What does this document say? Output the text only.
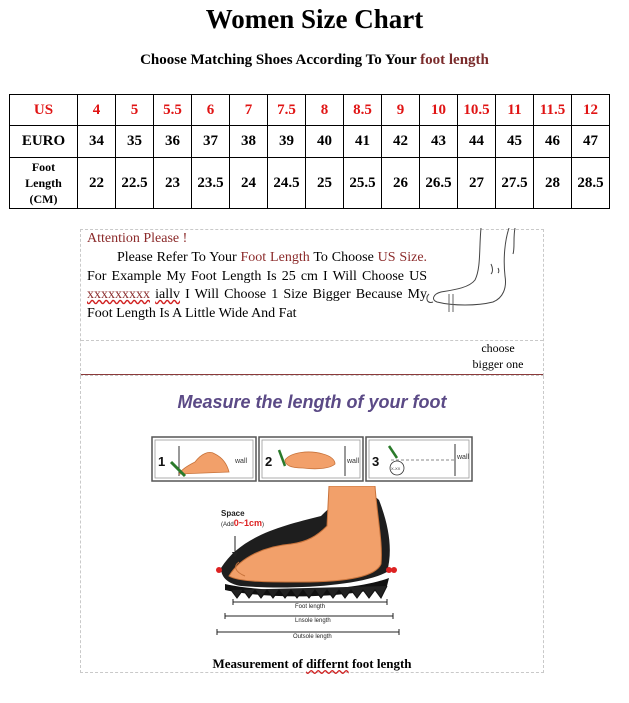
Women Size Chart
Choose Matching Shoes According To Your foot length
US	4	5	5.5	6	7	7.5	8	8.5	9	10	10.5	11	11.5	12
EURO	34	35	36	37	38	39	40	41	42	43	44	45	46	47
Foot
Length
(CM)	22	22.5	23	23.5	24	24.5	25	25.5	26	26.5	27	27.5	28	28.5
Attention Please !
Please Refer To Your Foot Length To Choose US Size. For Example My Foot Length Is 25 cm I Will Choose US xxxxxxxxx iallv I Will Choose 1 Size Bigger Because My Foot Length Is A Little Wide And Fat
choose
bigger one
Measure the length of your foot
1	wall 2	wall
X-XX
3	wall
Space
(Add0~1cm)
Foot length
Lnsole length
Outsole length
Measurement of differnt foot length
